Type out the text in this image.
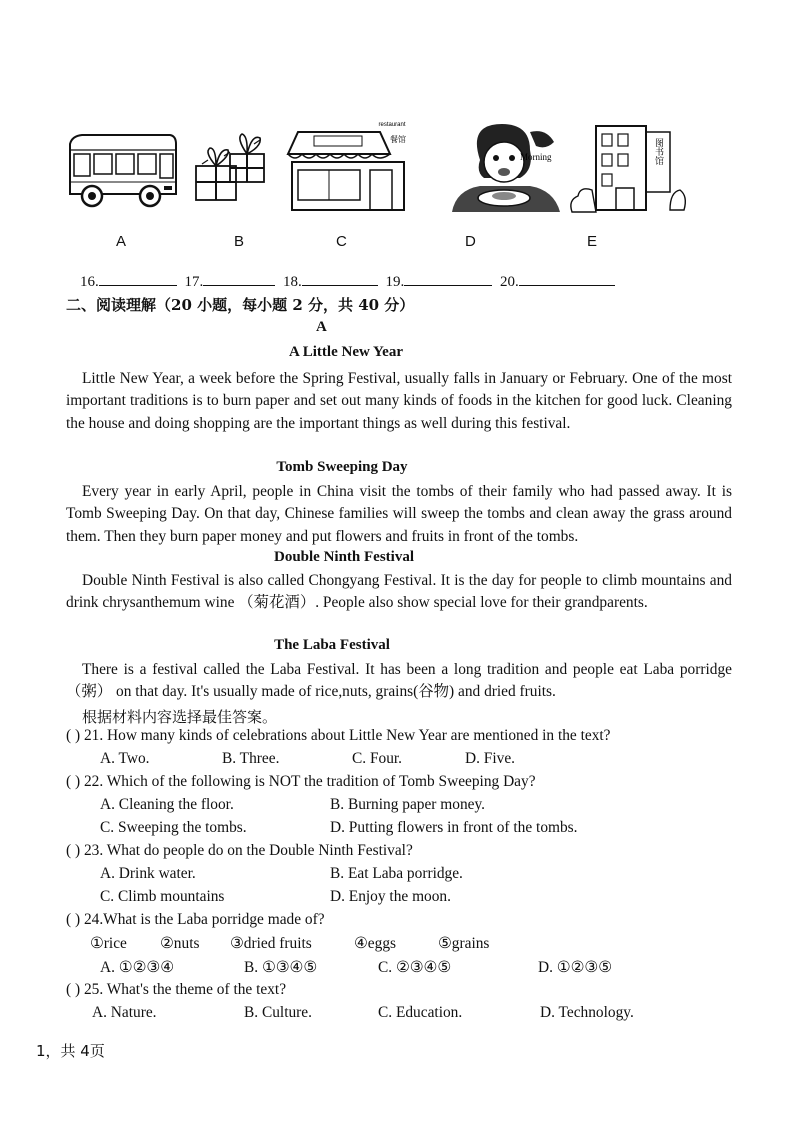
restaurant
餐馆
Morning	图书馆
A	B	C	D	E
16.	17.	18.	19.	20.
二、阅读理解（20 小题，每小题 2 分，共 40 分）
A
A Little New Year
Little New Year, a week before the Spring Festival, usually falls in January or February. One of the most important traditions is to burn paper and set out many kinds of foods in the kitchen for good luck. Cleaning the house and doing shopping are the important things as well during this festival.
Tomb Sweeping Day
Every year in early April, people in China visit the tombs of their family who had passed away. It is Tomb Sweeping Day. On that day, Chinese families will sweep the tombs and clean away the grass around them. Then they burn paper money and put flowers and fruits in front of the tombs.
Double Ninth Festival
Double Ninth Festival is also called Chongyang Festival. It is the day for people to climb mountains and drink chrysanthemum wine （菊花酒）. People also show special love for their grandparents.
The Laba Festival
There is a festival called the Laba Festival. It has been a long tradition and people eat Laba porridge（粥） on that day. It's usually made of rice,nuts, grains(谷物) and dried fruits.
根据材料内容选择最佳答案。
( ) 21. How many kinds of celebrations about Little New Year are mentioned in the text?
A. Two.	B. Three.	C. Four.	D. Five.
( ) 22. Which of the following is NOT the tradition of Tomb Sweeping Day?
A. Cleaning the floor.	B. Burning paper money.
C. Sweeping the tombs.	D. Putting flowers in front of the tombs.
( ) 23. What do people do on the Double Ninth Festival?
A. Drink water.	B. Eat Laba porridge.
C. Climb mountains	D. Enjoy the moon.
( ) 24.What is the Laba porridge made of?
①rice ②nuts ③dried fruits	④eggs	⑤grains
A. ①②③④	B. ①③④⑤	C. ②③④⑤	D. ①②③⑤
( ) 25. What's the theme of the text?
A. Nature.	B. Culture.	C. Education.	D. Technology.
1，共 4页
